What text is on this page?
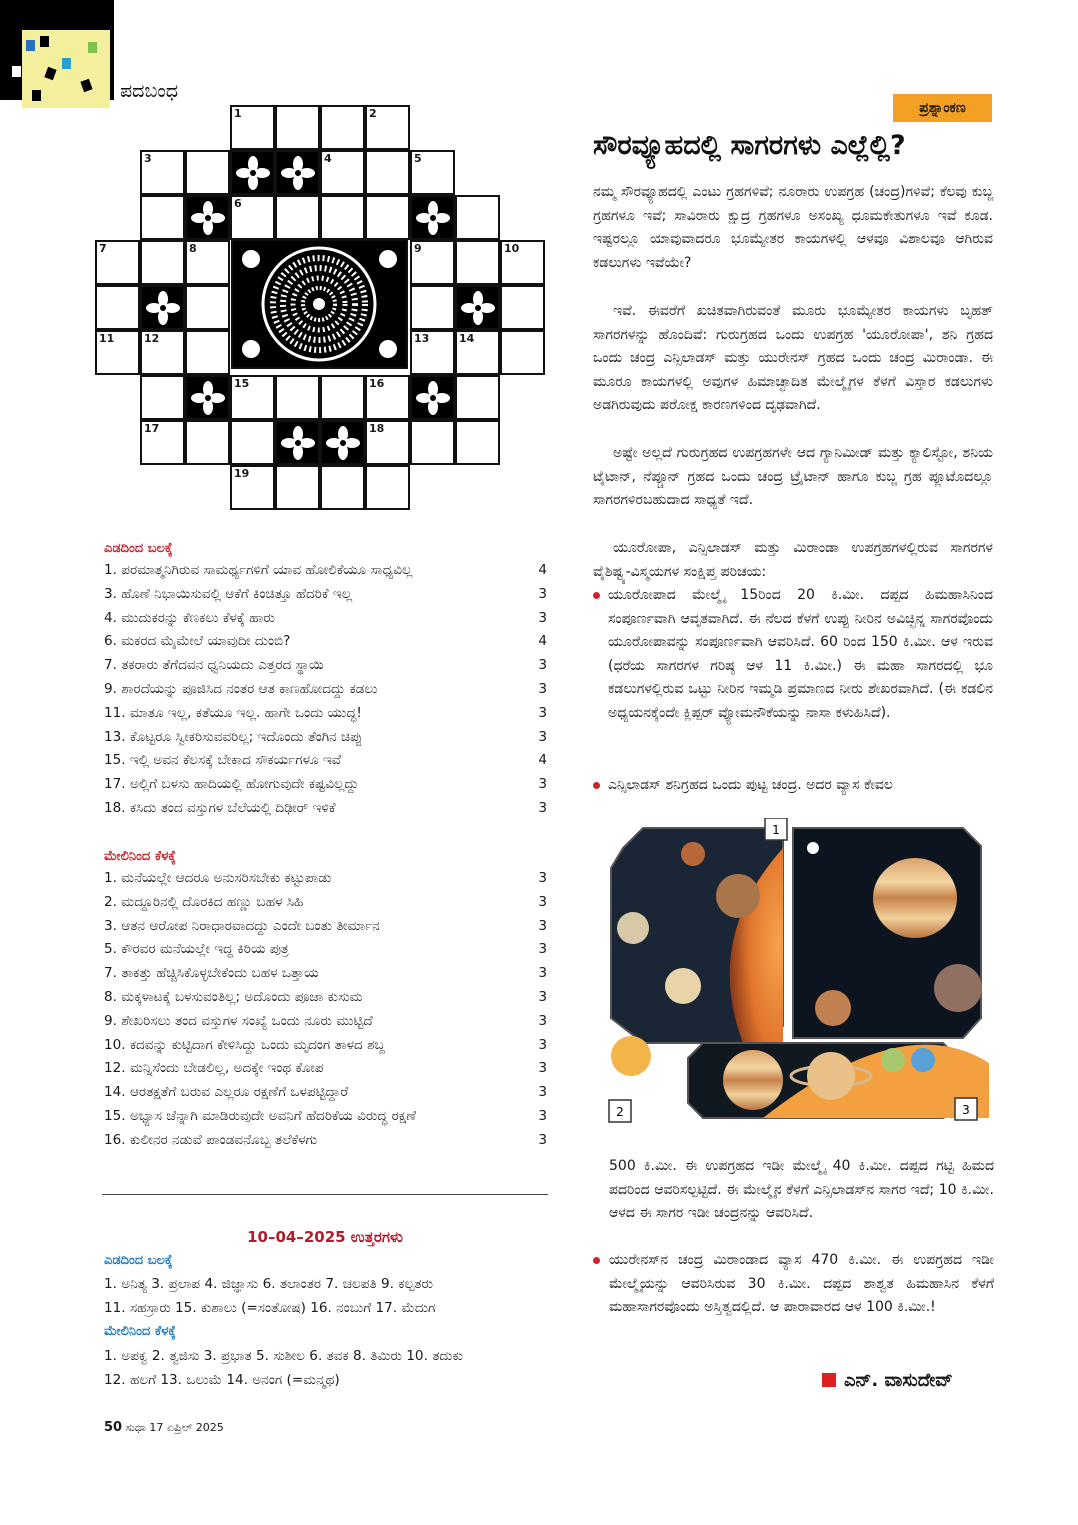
ಪದಬಂಧ
1	2
3	4	5
6
7	8	9	10
11	12	13	14
15	16
17	18
19
ಎಡದಿಂದ ಬಲಕ್ಕೆ
1. ಪರಮಾತ್ಮನಿಗಿರುವ ಸಾಮರ್ಥ್ಯಗಳಿಗೆ ಯಾವ ಹೋಲಿಕೆಯೂ ಸಾಧ್ಯವಿಲ್ಲ	4
3. ಹೊಣೆ ನಿಭಾಯಿಸುವಲ್ಲಿ ಆಕೆಗೆ ಕಿಂಚಿತ್ತೂ ಹೆದರಿಕೆ ಇಲ್ಲ	3
4. ಮುದುಕರನ್ನು ಕೆಣಕಲು ಕೆಳಕ್ಕೆ ಹಾರು	3
6. ಮಕರದ ಮೈಮೇಲೆ ಯಾವುದೀ ದುಂಬಿ?	4
7. ತಕರಾರು ತೆಗೆದವನ ಧ್ವನಿಯದು ಎತ್ತರದ ಸ್ಥಾಯಿ	3
9. ಶಾರದೆಯನ್ನು ಪೂಜಿಸಿದ ನಂತರ ಆತ ಕಾಣಹೋದದ್ದು ಕಡಲು	3
11. ಮಾತೂ ಇಲ್ಲ, ಕತೆಯೂ ಇಲ್ಲ. ಹಾಗೇ ಒಂದು ಯುದ್ಧ!	3
13. ಕೊಟ್ಟರೂ ಸ್ವೀಕರಿಸುವವರಿಲ್ಲ; ಇದೊಂದು ತೆಂಗಿನ ಚಿಪ್ಪು	3
15. ಇಲ್ಲಿ ಅವನ ಕೆಲಸಕ್ಕೆ ಬೇಕಾದ ಸೌಕರ್ಯಗಳೂ ಇವೆ	4
17. ಅಲ್ಲಿಗೆ ಬಳಸು ಹಾದಿಯಲ್ಲಿ ಹೋಗುವುದೇ ಕಷ್ಟವಿಲ್ಲದ್ದು	3
18. ಕಸಿದು ತಂದ ವಸ್ತುಗಳ ಬೆಲೆಯಲ್ಲಿ ದಿಢೀರ್ ಇಳಿಕೆ	3
ಮೇಲಿನಿಂದ ಕೆಳಕ್ಕೆ
1. ಮನೆಯಲ್ಲೇ ಆದರೂ ಅನುಸರಿಸಬೇಕು ಕಟ್ಟುಪಾಡು	3
2. ಮದ್ದೂರಿನಲ್ಲಿ ದೊರಕಿದ ಹಣ್ಣು ಬಹಳ ಸಿಹಿ	3
3. ಆತನ ಆರೋಪ ನಿರಾಧಾರವಾದದ್ದು ಎಂದೇ ಬಂತು ತೀರ್ಮಾನ	3
5. ಕೌರವರ ಮನೆಯಲ್ಲೇ ಇದ್ದ ಕಿರಿಯ ಪುತ್ರ	3
7. ತಾಕತ್ತು ಹೆಚ್ಚಿಸಿಕೊಳ್ಳಬೇಕೆಂದು ಬಹಳ ಒತ್ತಾಯ	3
8. ಮಕ್ಕಳಾಟಕ್ಕೆ ಬಳಸುವಂತಿಲ್ಲ; ಅದೊಂದು ಪೂಜಾ ಕುಸುಮ	3
9. ಶೇಖರಿಸಲು ತಂದ ವಸ್ತುಗಳ ಸಂಖ್ಯೆ ಒಂದು ನೂರು ಮುಟ್ಟಿದೆ	3
10. ಕದವನ್ನು ಕುಟ್ಟಿದಾಗ ಕೇಳಿಸಿದ್ದು ಒಂದು ಮೃದಂಗ ತಾಳದ ಶಬ್ದ	3
12. ಮನ್ನಿಸೆಂದು ಬೇಡಲಿಲ್ಲ, ಅದಕ್ಕೇ ಇಂಥ ಕೋಪ	3
14. ಆರತಕ್ಷತೆಗೆ ಬರುವ ಎಲ್ಲರೂ ರಕ್ಷಣೆಗೆ ಒಳಪಟ್ಟಿದ್ದಾರೆ	3
15. ಅಭ್ಯಾಸ ಚೆನ್ನಾಗಿ ಮಾಡಿರುವುದೇ ಅವನಿಗೆ ಹೆದರಿಕೆಯ ವಿರುದ್ಧ ರಕ್ಷಣೆ	3
16. ಕುಲೀನರ ನಡುವೆ ಪಾಂಡವನೊಬ್ಬ ತಲೆಕೆಳಗು	3
10–04–2025 ಉತ್ತರಗಳು
ಎಡದಿಂದ ಬಲಕ್ಕೆ
1. ಅನಿತ್ಯ 3. ಪ್ರಲಾಪ 4. ಜಿಜ್ಞಾಸು 6. ತಲಾಂತರ 7. ಚಲಪತಿ 9. ಕಲ್ಪತರು
11. ಸಹಸ್ರಾರು 15. ಕುಶಾಲು (=ಸಂತೋಷ) 16. ನಂಬುಗೆ 17. ಮೆದುಗ
ಮೇಲಿನಿಂದ ಕೆಳಕ್ಕೆ
1. ಅಪಕ್ವ 2. ತ್ವಜಿಸು 3. ಪ್ರಭಾತ 5. ಸುಶೀಲ 6. ತವಕ 8. ತಿಮಿರು 10. ತದುಕು
12. ಹಲಗೆ 13. ಒಲುಮೆ 14. ಅನಂಗ (=ಮನ್ಮಥ)
50 ಸುಧಾ 17 ಏಪ್ರಿಲ್ 2025
ಪ್ರಶ್ನಾಂಕಣ
ಸೌರವ್ಯೂಹದಲ್ಲಿ ಸಾಗರಗಳು ಎಲ್ಲೆಲ್ಲಿ?
ನಮ್ಮ ಸೌರವ್ಯೂಹದಲ್ಲಿ ಎಂಟು ಗ್ರಹಗಳಿವೆ; ನೂರಾರು ಉಪಗ್ರಹ (ಚಂದ್ರ)ಗಳಿವೆ; ಕೆಲವು ಕುಬ್ಜ ಗ್ರಹಗಳೂ ಇವೆ; ಸಾವಿರಾರು ಕ್ಷುದ್ರ ಗ್ರಹಗಳೂ ಅಸಂಖ್ಯ ಧೂಮಕೇತುಗಳೂ ಇವೆ ಕೂಡ. ಇಷ್ಟರಲ್ಲೂ ಯಾವುವಾದರೂ ಭೂಮ್ಯೇತರ ಕಾಯಗಳಲ್ಲಿ ಆಳವೂ ವಿಶಾಲವೂ ಆಗಿರುವ ಕಡಲುಗಳು ಇವೆಯೇ?
ಇವೆ. ಈವರೆಗೆ ಖಚಿತವಾಗಿರುವಂತೆ ಮೂರು ಭೂಮ್ಯೇತರ ಕಾಯಗಳು ಬೃಹತ್ ಸಾಗರಗಳನ್ನು ಹೊಂದಿವೆ: ಗುರುಗ್ರಹದ ಒಂದು ಉಪಗ್ರಹ 'ಯೂರೋಪಾ', ಶನಿ ಗ್ರಹದ ಒಂದು ಚಂದ್ರ ಎನ್ಸಿಲಾಡಸ್ ಮತ್ತು ಯುರೇನಸ್ ಗ್ರಹದ ಒಂದು ಚಂದ್ರ ಮಿರಾಂಡಾ. ಈ ಮೂರೂ ಕಾಯಗಳಲ್ಲಿ ಅವುಗಳ ಹಿಮಾಚ್ಛಾದಿತ ಮೇಲ್ಮೈಗಳ ಕೆಳಗೆ ವಿಸ್ತಾರ ಕಡಲುಗಳು ಅಡಗಿರುವುದು ಪರೋಕ್ಷ ಕಾರಣಗಳಿಂದ ದೃಢವಾಗಿದೆ.
ಅಷ್ಟೇ ಅಲ್ಲದೆ ಗುರುಗ್ರಹದ ಉಪಗ್ರಹಗಳೇ ಆದ ಗ್ಯಾನಿಮೀಡ್ ಮತ್ತು ಕ್ಯಾಲಿಸ್ಟೋ, ಶನಿಯ ಟೈಟಾನ್, ನೆಪ್ಚೂನ್ ಗ್ರಹದ ಒಂದು ಚಂದ್ರ ಟ್ರೈಟಾನ್ ಹಾಗೂ ಕುಬ್ಜ ಗ್ರಹ ಪ್ಲೂಟೊದಲ್ಲೂ ಸಾಗರಗಳಿರಬಹುದಾದ ಸಾಧ್ಯತೆ ಇದೆ.
ಯೂರೋಪಾ, ಎನ್ಸಿಲಾಡಸ್ ಮತ್ತು ಮಿರಾಂಡಾ ಉಪಗ್ರಹಗಳಲ್ಲಿರುವ ಸಾಗರಗಳ ವೈಶಿಷ್ಟ್ಯ-ವಿಸ್ಮಯಗಳ ಸಂಕ್ಷಿಪ್ತ ಪರಿಚಯ:
ಯೂರೋಪಾದ ಮೇಲ್ಮೈ 15ರಿಂದ 20 ಕಿ.ಮೀ. ದಪ್ಪದ ಹಿಮಹಾಸಿನಿಂದ ಸಂಪೂರ್ಣವಾಗಿ ಆವೃತವಾಗಿದೆ. ಈ ನೆಲದ ಕೆಳಗೆ ಉಪ್ಪು ನೀರಿನ ಅವಿಚ್ಛಿನ್ನ ಸಾಗರವೊಂದು ಯೂರೋಪಾವನ್ನು ಸಂಪೂರ್ಣವಾಗಿ ಆವರಿಸಿದೆ. 60 ರಿಂದ 150 ಕಿ.ಮೀ. ಆಳ ಇರುವ (ಧರೆಯ ಸಾಗರಗಳ ಗರಿಷ್ಠ ಆಳ 11 ಕಿ.ಮೀ.) ಈ ಮಹಾ ಸಾಗರದಲ್ಲಿ ಭೂ ಕಡಲುಗಳಲ್ಲಿರುವ ಒಟ್ಟು ನೀರಿನ ಇಮ್ಮಡಿ ಪ್ರಮಾಣದ ನೀರು ಶೇಖರವಾಗಿದೆ. (ಈ ಕಡಲಿನ ಅಧ್ಯಯನಕ್ಕೆಂದೇ ಕ್ಲಿಪ್ಪರ್ ವ್ಯೋಮನೌಕೆಯನ್ನು ನಾಸಾ ಕಳುಹಿಸಿದೆ).
ಎನ್ಸಿಲಾಡಸ್ ಶನಿಗ್ರಹದ ಒಂದು ಪುಟ್ಟ ಚಂದ್ರ. ಅದರ ವ್ಯಾಸ ಕೇವಲ
1
2	3
500 ಕಿ.ಮೀ. ಈ ಉಪಗ್ರಹದ ಇಡೀ ಮೇಲ್ಮೈ 40 ಕಿ.ಮೀ. ದಪ್ಪದ ಗಟ್ಟಿ ಹಿಮದ ಪದರಿಂದ ಆವರಿಸಲ್ಪಟ್ಟಿದೆ. ಈ ಮೇಲ್ಮೈನ ಕೆಳಗೆ ಎನ್ಸಿಲಾಡಸ್‌ನ ಸಾಗರ ಇದೆ; 10 ಕಿ.ಮೀ. ಆಳದ ಈ ಸಾಗರ ಇಡೀ ಚಂದ್ರನನ್ನು ಆವರಿಸಿದೆ.
ಯುರೇನಸ್‌ನ ಚಂದ್ರ ಮಿರಾಂಡಾದ ವ್ಯಾಸ 470 ಕಿ.ಮೀ. ಈ ಉಪಗ್ರಹದ ಇಡೀ ಮೇಲ್ಮೈಯನ್ನು ಆವರಿಸಿರುವ 30 ಕಿ.ಮೀ. ದಪ್ಪದ ಶಾಶ್ವತ ಹಿಮಹಾಸಿನ ಕೆಳಗೆ ಮಹಾಸಾಗರವೊಂದು ಅಸ್ತಿತ್ವದಲ್ಲಿದೆ. ಆ ಪಾರಾವಾರದ ಆಳ 100 ಕಿ.ಮೀ.!
ಎನ್. ವಾಸುದೇವ್
